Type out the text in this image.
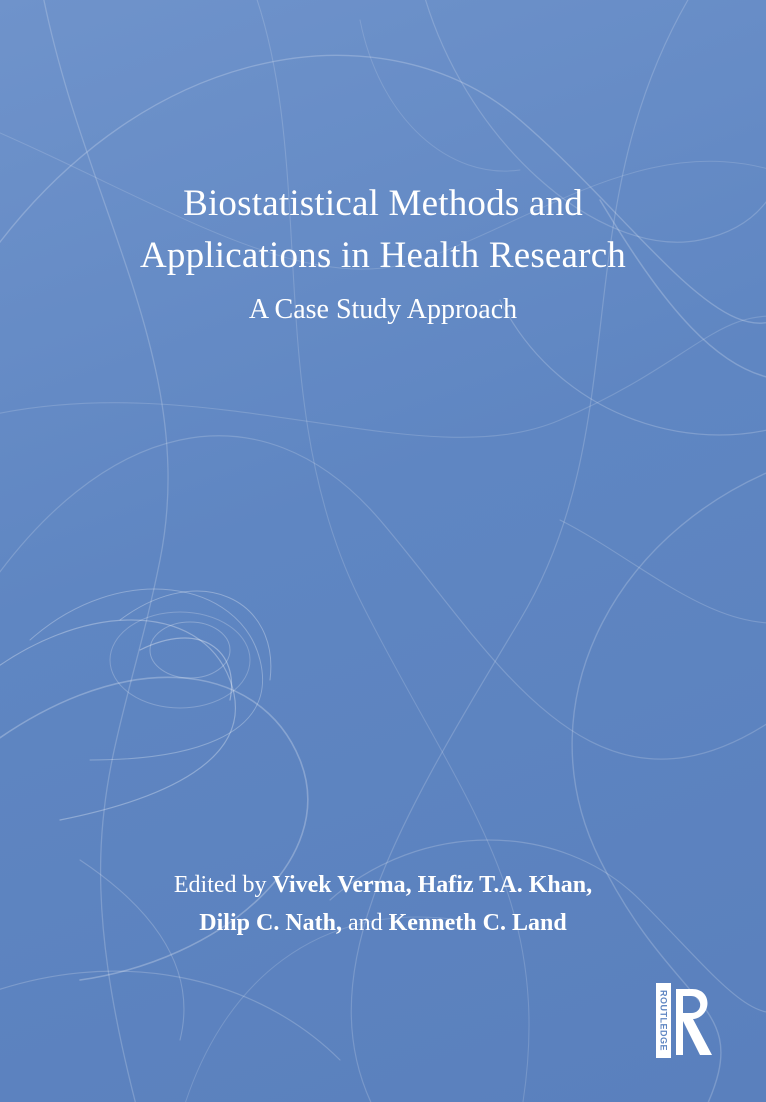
Biostatistical Methods and
Applications in Health Research
A Case Study Approach
Edited by Vivek Verma, Hafiz T.A. Khan,
Dilip C. Nath, and Kenneth C. Land
ROUTLEDGE
